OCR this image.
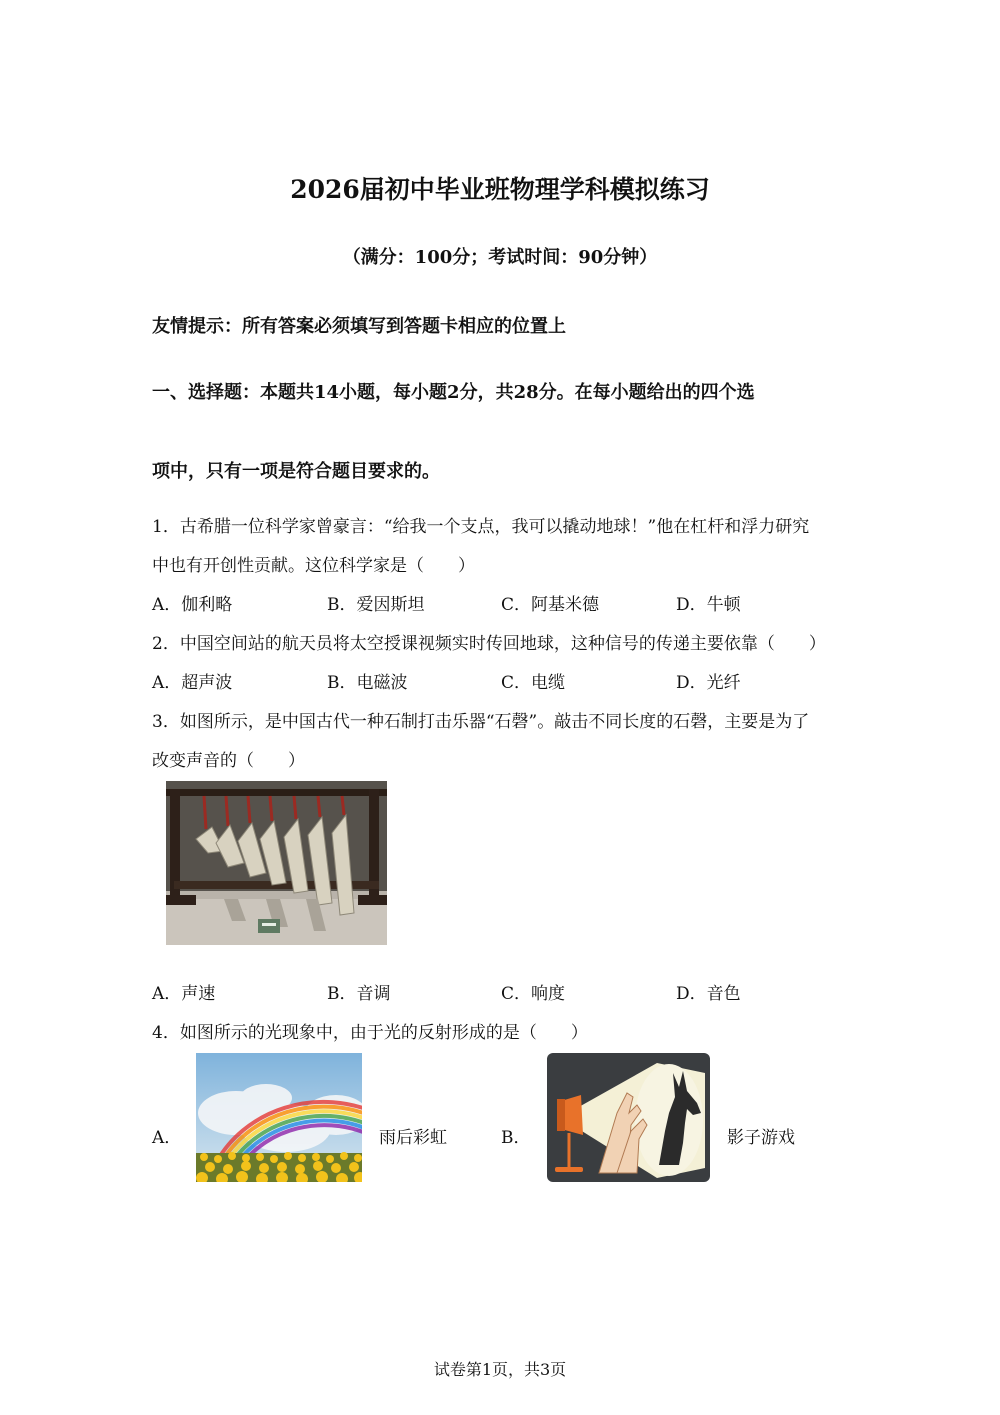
2026届初中毕业班物理学科模拟练习
（满分：100分；考试时间：90分钟）
友情提示：所有答案必须填写到答题卡相应的位置上
一、选择题：本题共14小题，每小题2分，共28分。在每小题给出的四个选
项中，只有一项是符合题目要求的。
1．古希腊一位科学家曾豪言：“给我一个支点，我可以撬动地球！”他在杠杆和浮力研究
中也有开创性贡献。这位科学家是（　　）
A．伽利略	B．爱因斯坦	C．阿基米德	D．牛顿
2．中国空间站的航天员将太空授课视频实时传回地球，这种信号的传递主要依靠（　　）
A．超声波	B．电磁波	C．电缆	D．光纤
3．如图所示，是中国古代一种石制打击乐器“石磬”。敲击不同长度的石磬，主要是为了
改变声音的（　　）
A．声速	B．音调	C．响度	D．音色
4．如图所示的光现象中，由于光的反射形成的是（　　）
A．	雨后彩虹	B．	影子游戏
试卷第1页，共3页
